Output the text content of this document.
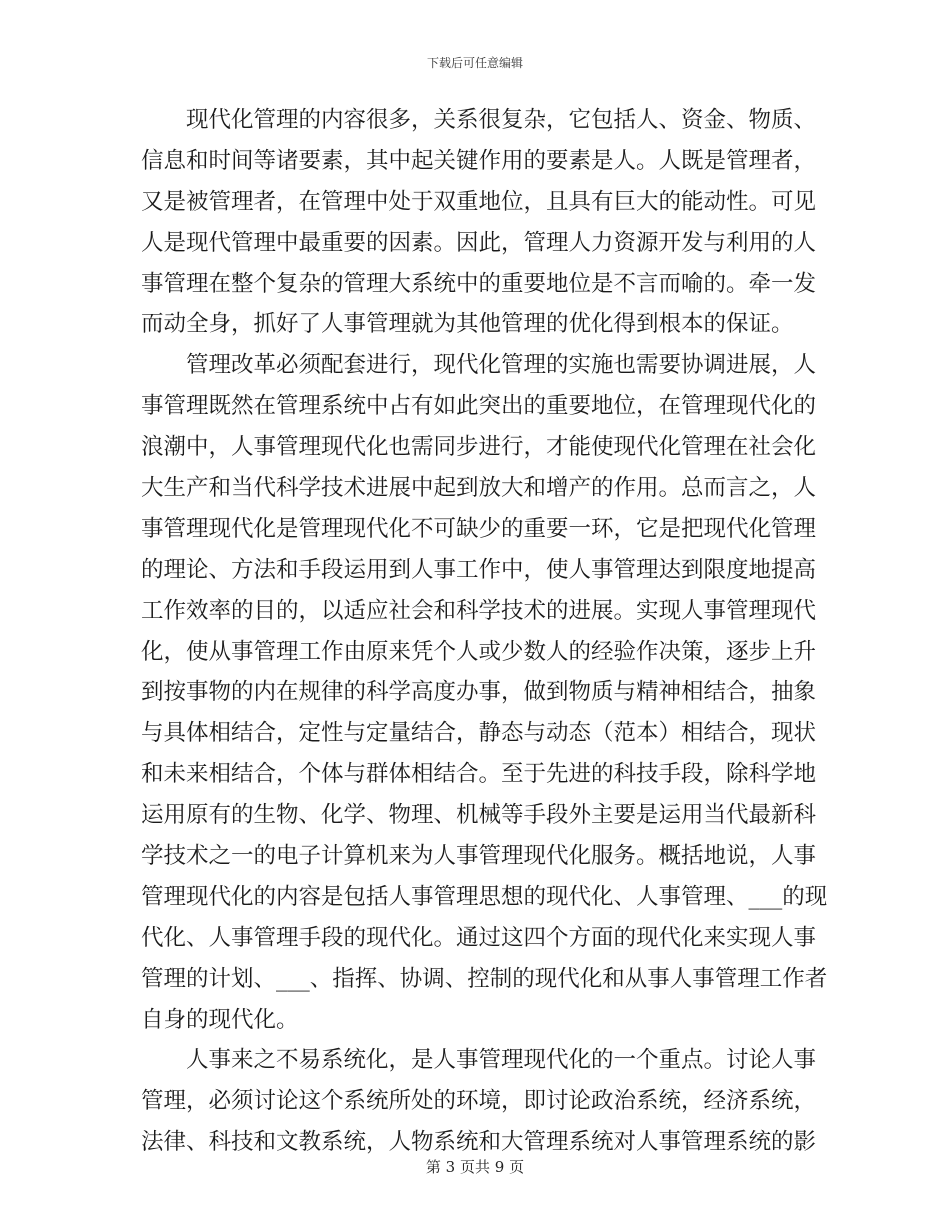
下载后可任意编辑
现代化管理的内容很多，关系很复杂，它包括人、资金、物质、
信息和时间等诸要素，其中起关键作用的要素是人。人既是管理者，
又是被管理者，在管理中处于双重地位，且具有巨大的能动性。可见
人是现代管理中最重要的因素。因此，管理人力资源开发与利用的人
事管理在整个复杂的管理大系统中的重要地位是不言而喻的。牵一发
而动全身，抓好了人事管理就为其他管理的优化得到根本的保证。
管理改革必须配套进行，现代化管理的实施也需要协调进展，人
事管理既然在管理系统中占有如此突出的重要地位，在管理现代化的
浪潮中，人事管理现代化也需同步进行，才能使现代化管理在社会化
大生产和当代科学技术进展中起到放大和增产的作用。总而言之，人
事管理现代化是管理现代化不可缺少的重要一环，它是把现代化管理
的理论、方法和手段运用到人事工作中，使人事管理达到限度地提高
工作效率的目的，以适应社会和科学技术的进展。实现人事管理现代
化，使从事管理工作由原来凭个人或少数人的经验作决策，逐步上升
到按事物的内在规律的科学高度办事，做到物质与精神相结合，抽象
与具体相结合，定性与定量结合，静态与动态（范本）相结合，现状
和未来相结合，个体与群体相结合。至于先进的科技手段，除科学地
运用原有的生物、化学、物理、机械等手段外主要是运用当代最新科
学技术之一的电子计算机来为人事管理现代化服务。概括地说，人事
管理现代化的内容是包括人事管理思想的现代化、人事管理、___的现
代化、人事管理手段的现代化。通过这四个方面的现代化来实现人事
管理的计划、___、指挥、协调、控制的现代化和从事人事管理工作者
自身的现代化。
人事来之不易系统化，是人事管理现代化的一个重点。讨论人事
管理，必须讨论这个系统所处的环境，即讨论政治系统，经济系统，
法律、科技和文教系统，人物系统和大管理系统对人事管理系统的影
第 3 页共 9 页
